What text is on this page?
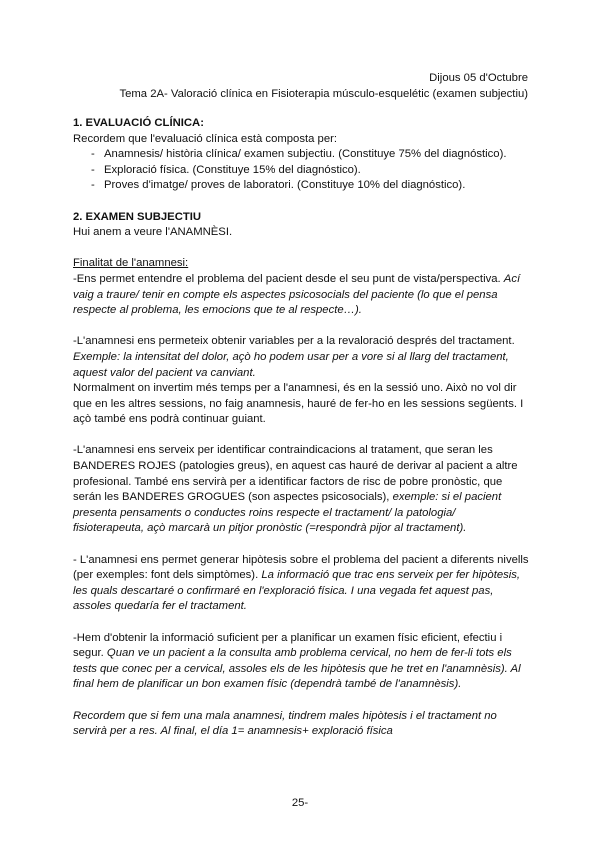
Dijous 05 d'Octubre
Tema 2A- Valoració clínica en Fisioterapia músculo-esquelétic (examen subjectiu)
1. EVALUACIÓ CLÍNICA:

Recordem que l'evaluació clínica està composta per:

- Anamnesis/ història clínica/ examen subjectiu. (Constituye 75% del diagnóstico).
- Exploració física. (Constituye 15% del diagnóstico).
- Proves d'imatge/ proves de laboratori. (Constituye 10% del diagnóstico).
2. EXAMEN SUBJECTIU

Hui anem a veure l'ANAMNÈSI.

Finalitat de l'anamnesi:

-Ens permet entendre el problema del pacient desde el seu punt de vista/perspectiva. Ací vaig a traure/ tenir en compte els aspectes psicosocials del paciente (lo que el pensa respecte al problema, les emocions que te al respecte…).

-L'anamnesi ens permeteix obtenir variables per a la revaloració després del tractament. Exemple: la intensitat del dolor, açò ho podem usar per a vore si al llarg del tractament, aquest valor del pacient va canviant.

Normalment on invertim més temps per a l'anamnesi, és en la sessió uno. Això no vol dir que en les altres sessions, no faig anamnesis, hauré de fer-ho en les sessions següents. I açò també ens podrà continuar guiant.

-L'anamnesi ens serveix per identificar contraindicacions al tratament, que seran les BANDERES ROJES (patologies greus), en aquest cas hauré de derivar al pacient a altre profesional. També ens servirà per a identificar factors de risc de pobre pronòstic, que serán les BANDERES GROGUES (son aspectes psicosocials), exemple: si el pacient presenta pensaments o conductes roins respecte el tractament/ la patologia/ fisioterapeuta, açò marcarà un pitjor pronòstic (=respondrà pijor al tractament).

- L'anamnesi ens permet generar hipòtesis sobre el problema del pacient a diferents nivells (per exemples: font dels simptòmes). La informació que trac ens serveix per fer hipòtesis, les quals descartaré o confirmaré en l'exploració física. I una vegada fet aquest pas, assoles quedaría fer el tractament.

-Hem d'obtenir la informació suficient per a planificar un examen físic eficient, efectiu i segur. Quan ve un pacient a la consulta amb problema cervical, no hem de fer-li tots els tests que conec per a cervical, assoles els de les hipòtesis que he tret en l'anamnèsis). Al final hem de planificar un bon examen físic (dependrà també de l'anamnèsis).

Recordem que si fem una mala anamnesi, tindrem males hipòtesis i el tractament no servirà per a res. Al final, el día 1= anamnesis+ exploració física

25-
